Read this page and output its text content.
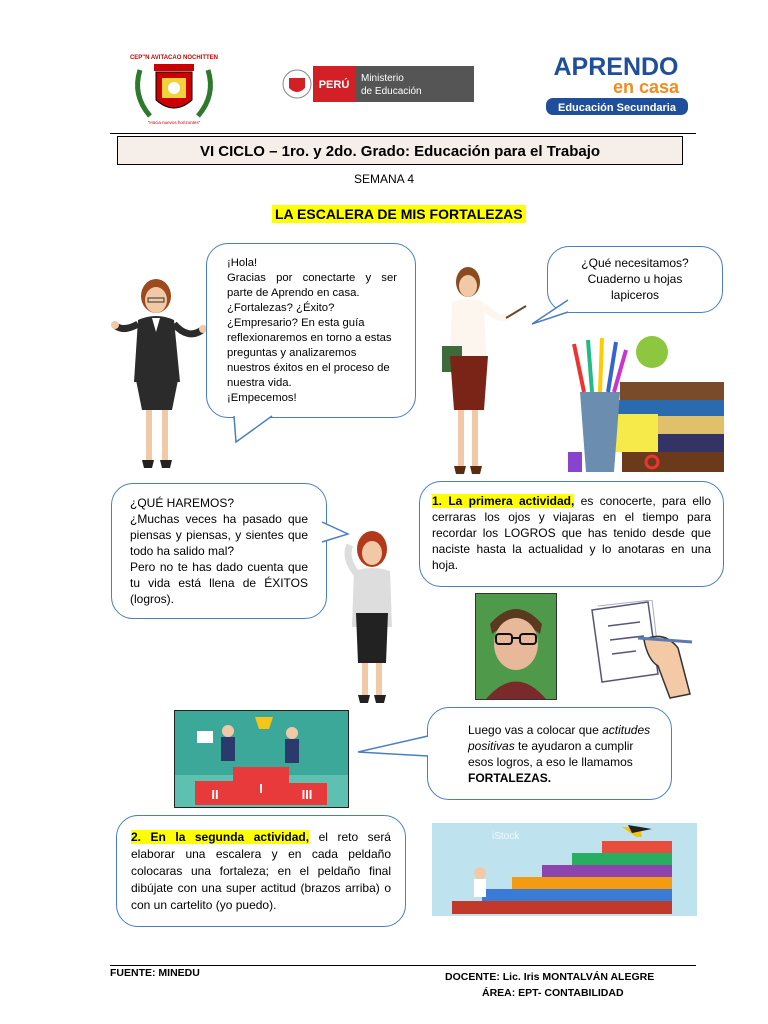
CEP"N AVITACAO NOCHITTEN
"Hacia nuevos horizontes"
PERÚ
Ministerio
de Educación
APRENDO
en casa
Educación Secundaria
VI CICLO – 1ro. y 2do. Grado: Educación para el Trabajo
SEMANA 4
LA ESCALERA DE MIS FORTALEZAS
¡Hola!
Gracias por conectarte y ser parte de Aprendo en casa.
¿Fortalezas? ¿Éxito?
¿Empresario? En esta guía reflexionaremos en torno a estas preguntas y analizaremos nuestros éxitos en el proceso de nuestra vida.
¡Empecemos!
¿Qué necesitamos?
Cuaderno u hojas
lapiceros
¿QUÉ HAREMOS?
¿Muchas veces ha pasado que piensas y piensas, y sientes que todo ha salido mal?
Pero no te has dado cuenta que tu vida está llena de ÉXITOS (logros).
1. La primera actividad, es conocerte, para ello cerraras los ojos y viajaras en el tiempo para recordar los LOGROS que has tenido desde que naciste hasta la actualidad y lo anotaras en una hoja.
II	I	III
Luego vas a colocar que actitudes positivas te ayudaron a cumplir esos logros, a eso le llamamos FORTALEZAS.
2. En la segunda actividad, el reto será elaborar una escalera y en cada peldaño colocaras una fortaleza; en el peldaño final dibújate con una super actitud (brazos arriba) o con un cartelito (yo puedo).
iStock
FUENTE: MINEDU	DOCENTE: Lic. Iris MONTALVÁN ALEGRE
ÁREA: EPT- CONTABILIDAD
